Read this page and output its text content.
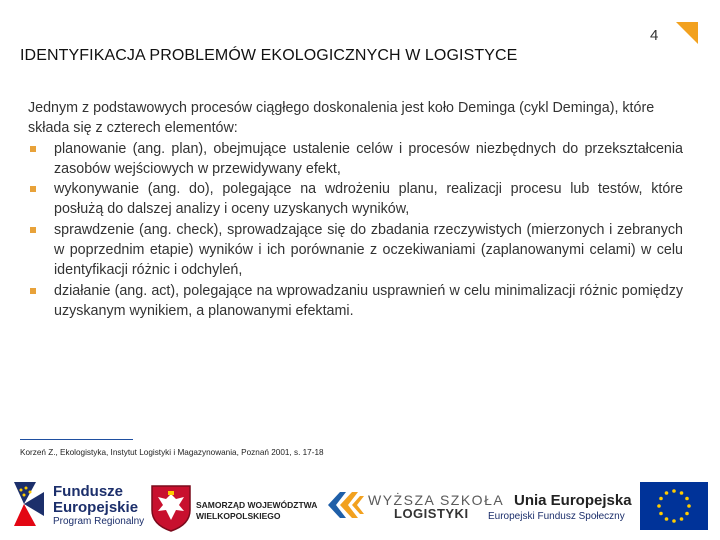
4
IDENTYFIKACJA PROBLEMÓW EKOLOGICZNYCH W LOGISTYCE

Jednym z podstawowych procesów ciągłego doskonalenia jest koło Deminga (cykl Deminga), które składa się z czterech elementów:

planowanie (ang. plan), obejmujące ustalenie celów i procesów niezbędnych do przekształcenia zasobów wejściowych w przewidywany efekt,
wykonywanie (ang. do), polegające na wdrożeniu planu, realizacji procesu lub testów, które posłużą do dalszej analizy i oceny uzyskanych wyników,
sprawdzenie (ang. check), sprowadzające się do zbadania rzeczywistych (mierzonych i zebranych w poprzednim etapie) wyników i ich porównanie z oczekiwaniami (zaplanowanymi celami) w celu identyfikacji różnic i odchyleń,
działanie (ang. act), polegające na wprowadzaniu usprawnień w celu minimalizacji różnic pomiędzy uzyskanym wynikiem, a planowanymi efektami.
Korzeń Z., Ekologistyka, Instytut Logistyki i Magazynowania, Poznań 2001, s. 17-18
Fundusze
Europejskie
Program Regionalny
SAMORZĄD WOJEWÓDZTWA
WIELKOPOLSKIEGO
WYŻSZA SZKOŁA
LOGISTYKI
Unia Europejska
Europejski Fundusz Społeczny
